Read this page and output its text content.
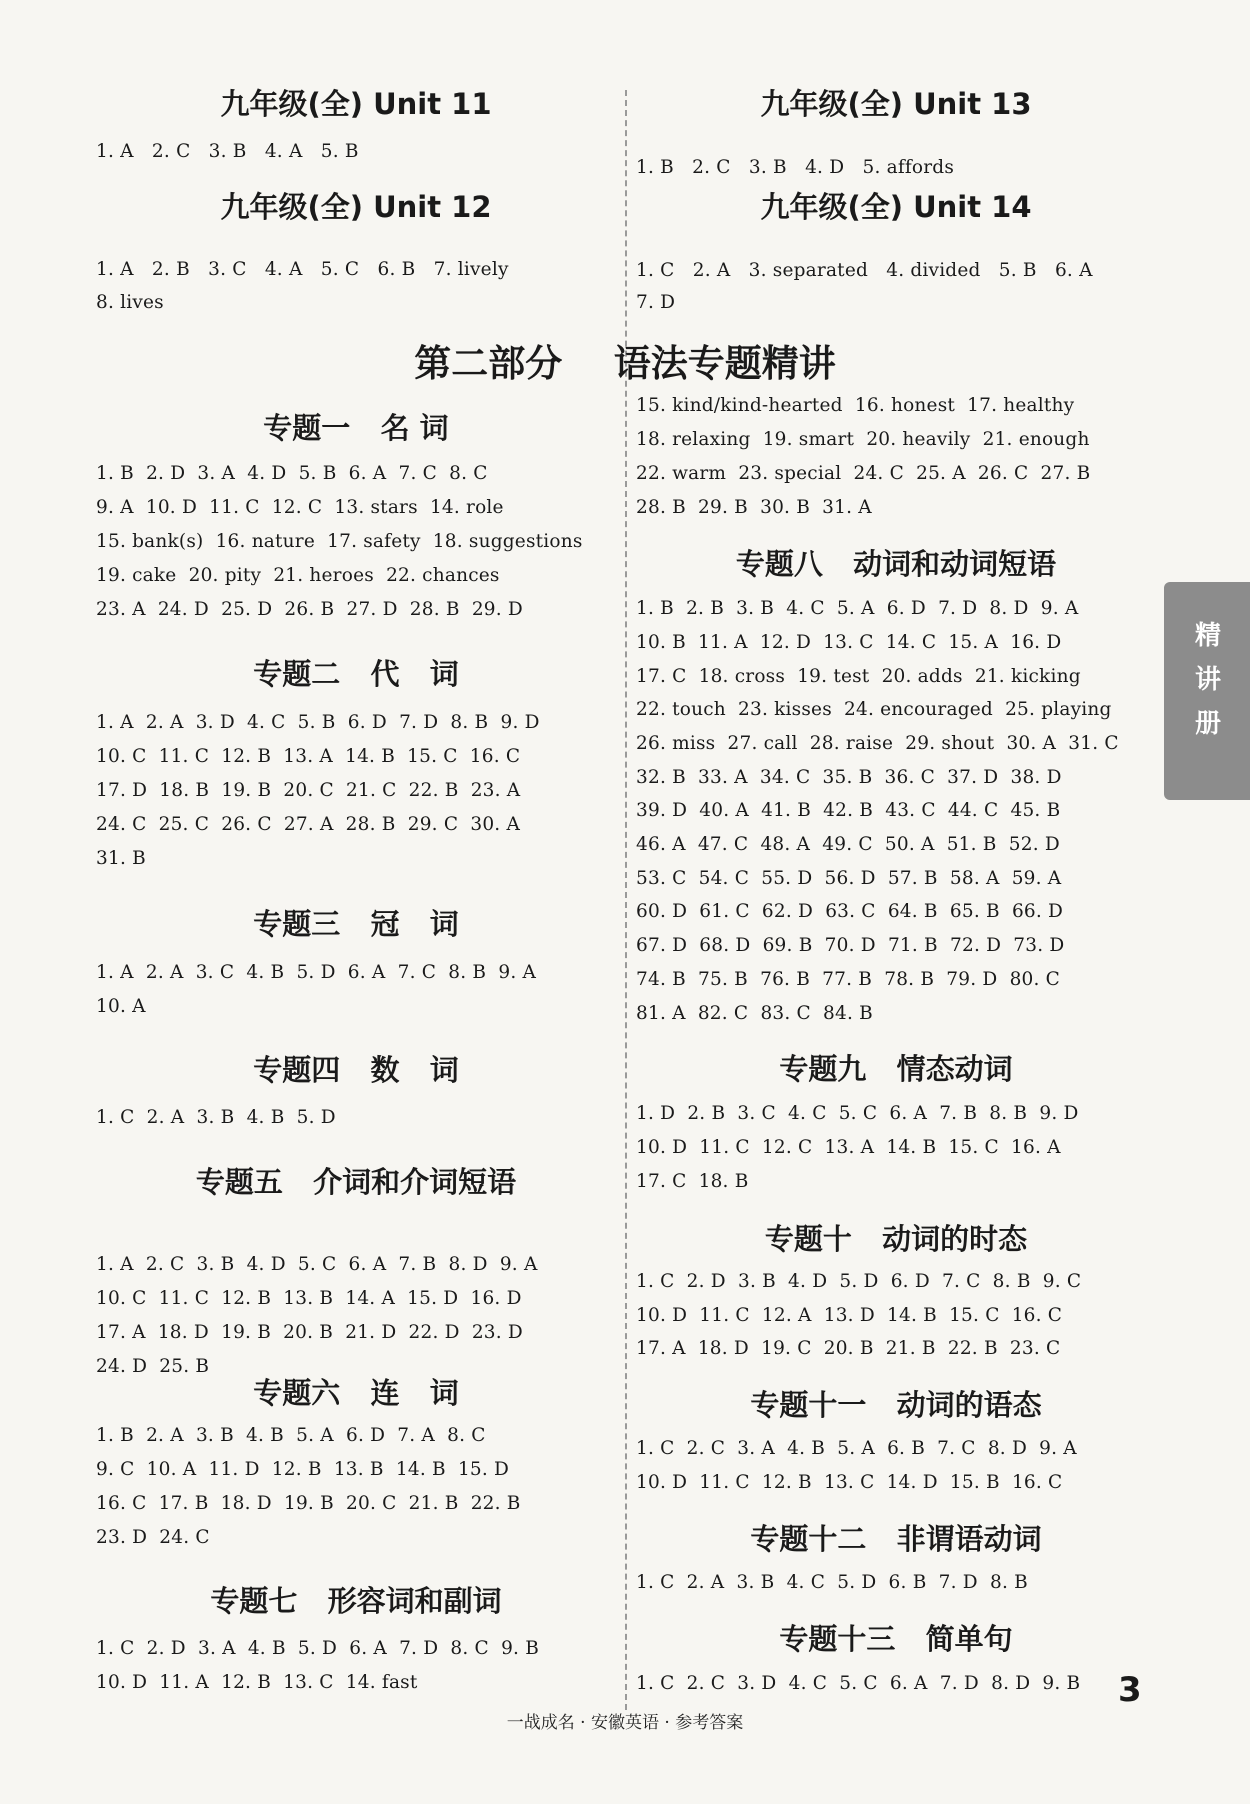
第二部分    语法专题精讲
精讲册
九年级(全) Unit 11
1. A   2. C   3. B   4. A   5. B
九年级(全) Unit 12
1. A   2. B   3. C   4. A   5. C   6. B   7. lively
8. lives
专题一   名 词
1. B  2. D  3. A  4. D  5. B  6. A  7. C  8. C
9. A  10. D  11. C  12. C  13. stars  14. role
15. bank(s)  16. nature  17. safety  18. suggestions
19. cake  20. pity  21. heroes  22. chances
23. A  24. D  25. D  26. B  27. D  28. B  29. D
专题二   代   词
1. A  2. A  3. D  4. C  5. B  6. D  7. D  8. B  9. D
10. C  11. C  12. B  13. A  14. B  15. C  16. C
17. D  18. B  19. B  20. C  21. C  22. B  23. A
24. C  25. C  26. C  27. A  28. B  29. C  30. A
31. B
专题三   冠   词
1. A  2. A  3. C  4. B  5. D  6. A  7. C  8. B  9. A
10. A
专题四   数   词
1. C  2. A  3. B  4. B  5. D
专题五   介词和介词短语
1. A  2. C  3. B  4. D  5. C  6. A  7. B  8. D  9. A
10. C  11. C  12. B  13. B  14. A  15. D  16. D
17. A  18. D  19. B  20. B  21. D  22. D  23. D
24. D  25. B
专题六   连   词
1. B  2. A  3. B  4. B  5. A  6. D  7. A  8. C
9. C  10. A  11. D  12. B  13. B  14. B  15. D
16. C  17. B  18. D  19. B  20. C  21. B  22. B
23. D  24. C
专题七   形容词和副词
1. C  2. D  3. A  4. B  5. D  6. A  7. D  8. C  9. B
10. D  11. A  12. B  13. C  14. fast
九年级(全) Unit 13
1. B   2. C   3. B   4. D   5. affords
九年级(全) Unit 14
1. C   2. A   3. separated   4. divided   5. B   6. A
7. D
15. kind/kind-hearted  16. honest  17. healthy
18. relaxing  19. smart  20. heavily  21. enough
22. warm  23. special  24. C  25. A  26. C  27. B
28. B  29. B  30. B  31. A
专题八   动词和动词短语
1. B  2. B  3. B  4. C  5. A  6. D  7. D  8. D  9. A
10. B  11. A  12. D  13. C  14. C  15. A  16. D
17. C  18. cross  19. test  20. adds  21. kicking
22. touch  23. kisses  24. encouraged  25. playing
26. miss  27. call  28. raise  29. shout  30. A  31. C
32. B  33. A  34. C  35. B  36. C  37. D  38. D
39. D  40. A  41. B  42. B  43. C  44. C  45. B
46. A  47. C  48. A  49. C  50. A  51. B  52. D
53. C  54. C  55. D  56. D  57. B  58. A  59. A
60. D  61. C  62. D  63. C  64. B  65. B  66. D
67. D  68. D  69. B  70. D  71. B  72. D  73. D
74. B  75. B  76. B  77. B  78. B  79. D  80. C
81. A  82. C  83. C  84. B
专题九   情态动词
1. D  2. B  3. C  4. C  5. C  6. A  7. B  8. B  9. D
10. D  11. C  12. C  13. A  14. B  15. C  16. A
17. C  18. B
专题十   动词的时态
1. C  2. D  3. B  4. D  5. D  6. D  7. C  8. B  9. C
10. D  11. C  12. A  13. D  14. B  15. C  16. C
17. A  18. D  19. C  20. B  21. B  22. B  23. C
专题十一   动词的语态
1. C  2. C  3. A  4. B  5. A  6. B  7. C  8. D  9. A
10. D  11. C  12. B  13. C  14. D  15. B  16. C
专题十二   非谓语动词
1. C  2. A  3. B  4. C  5. D  6. B  7. D  8. B
专题十三   简单句
1. C  2. C  3. D  4. C  5. C  6. A  7. D  8. D  9. B
一战成名 · 安徽英语 · 参考答案
3
